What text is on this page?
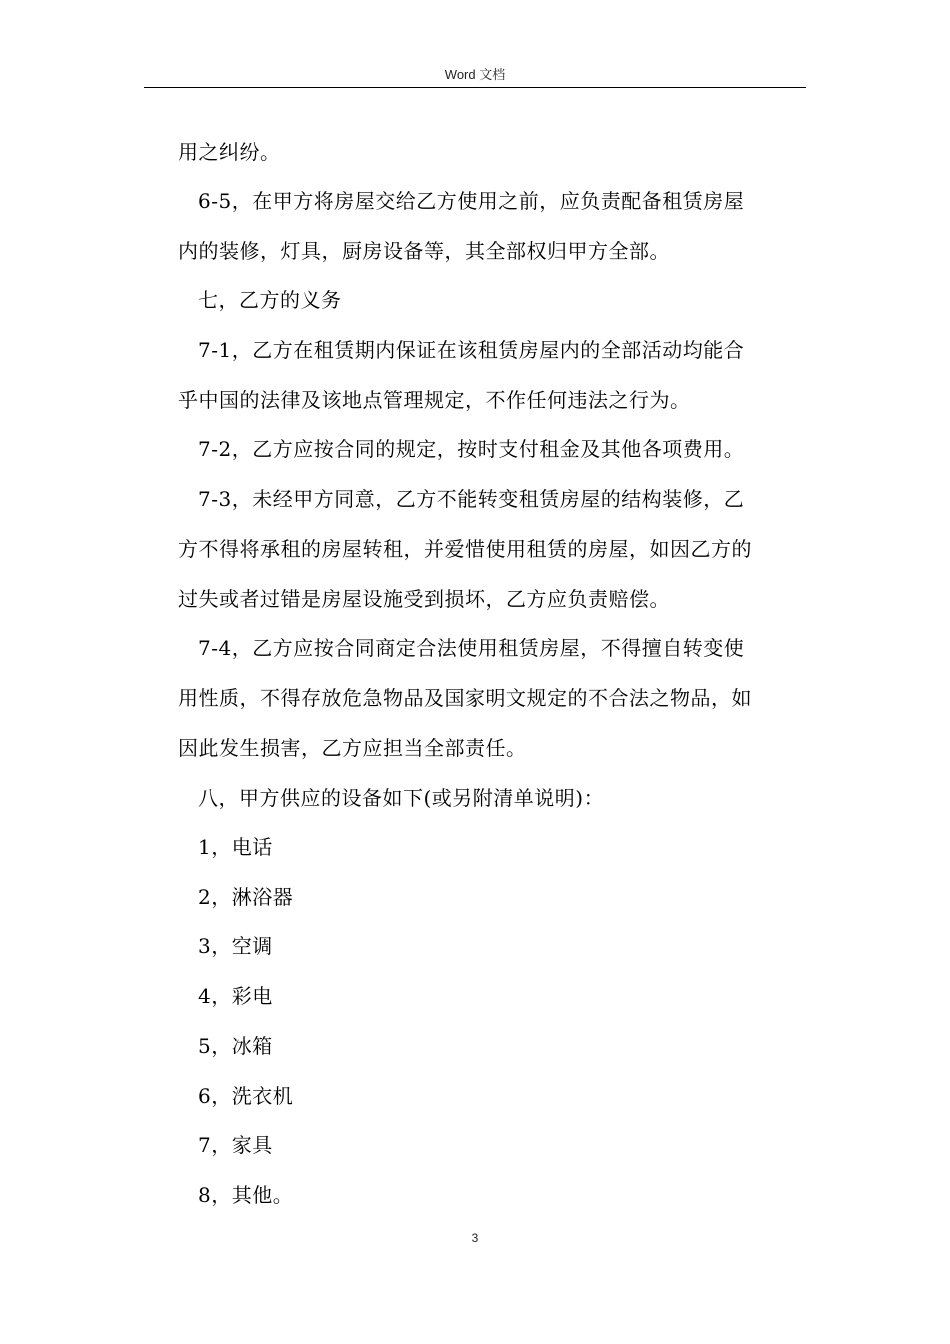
Word 文档
用之纠纷。
6-5，在甲方将房屋交给乙方使用之前，应负责配备租赁房屋
内的装修，灯具，厨房设备等，其全部权归甲方全部。
七，乙方的义务
7-1，乙方在租赁期内保证在该租赁房屋内的全部活动均能合
乎中国的法律及该地点管理规定，不作任何违法之行为。
7-2，乙方应按合同的规定，按时支付租金及其他各项费用。
7-3，未经甲方同意，乙方不能转变租赁房屋的结构装修，乙
方不得将承租的房屋转租，并爱惜使用租赁的房屋，如因乙方的
过失或者过错是房屋设施受到损坏，乙方应负责赔偿。
7-4，乙方应按合同商定合法使用租赁房屋，不得擅自转变使
用性质，不得存放危急物品及国家明文规定的不合法之物品，如
因此发生损害，乙方应担当全部责任。
八，甲方供应的设备如下(或另附清单说明)：
1，电话
2，淋浴器
3，空调
4，彩电
5，冰箱
6，洗衣机
7，家具
8，其他。
3
